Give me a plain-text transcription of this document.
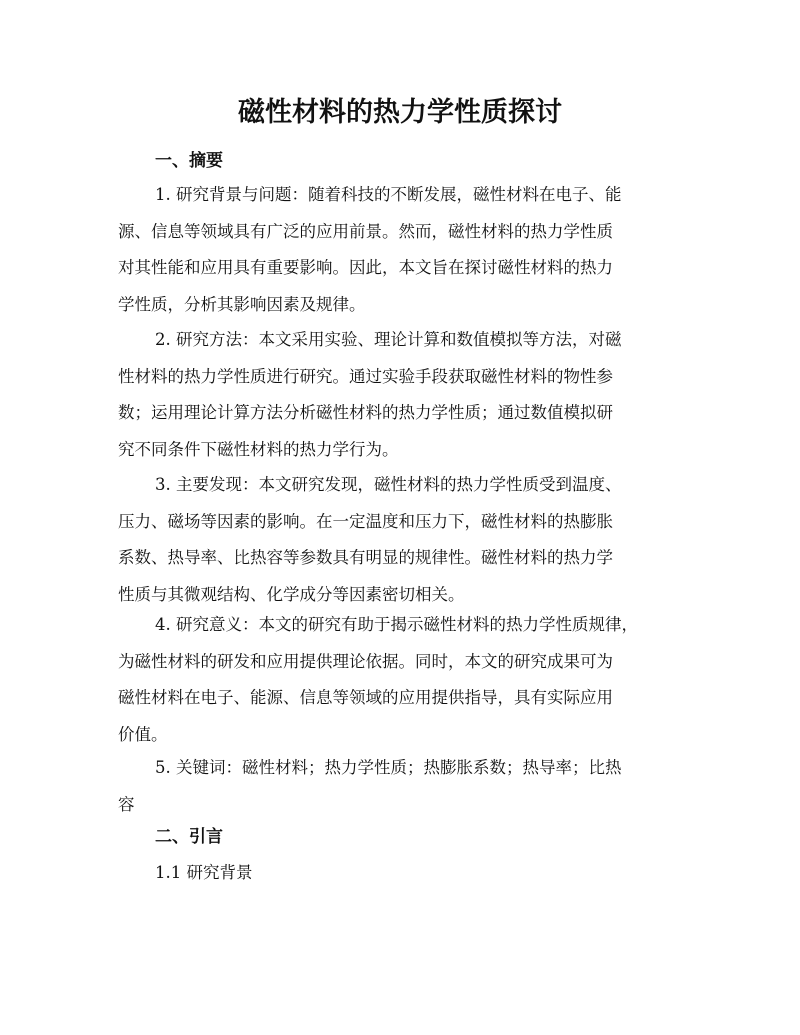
磁性材料的热力学性质探讨
一、摘要
1. 研究背景与问题：随着科技的不断发展，磁性材料在电子、能
源、信息等领域具有广泛的应用前景。然而，磁性材料的热力学性质
对其性能和应用具有重要影响。因此，本文旨在探讨磁性材料的热力
学性质，分析其影响因素及规律。
2. 研究方法：本文采用实验、理论计算和数值模拟等方法，对磁
性材料的热力学性质进行研究。通过实验手段获取磁性材料的物性参
数；运用理论计算方法分析磁性材料的热力学性质；通过数值模拟研
究不同条件下磁性材料的热力学行为。
3. 主要发现：本文研究发现，磁性材料的热力学性质受到温度、
压力、磁场等因素的影响。在一定温度和压力下，磁性材料的热膨胀
系数、热导率、比热容等参数具有明显的规律性。磁性材料的热力学
性质与其微观结构、化学成分等因素密切相关。
4. 研究意义：本文的研究有助于揭示磁性材料的热力学性质规律，
为磁性材料的研发和应用提供理论依据。同时，本文的研究成果可为
磁性材料在电子、能源、信息等领域的应用提供指导，具有实际应用
价值。
5. 关键词：磁性材料；热力学性质；热膨胀系数；热导率；比热
容
二、引言

1.1 研究背景
